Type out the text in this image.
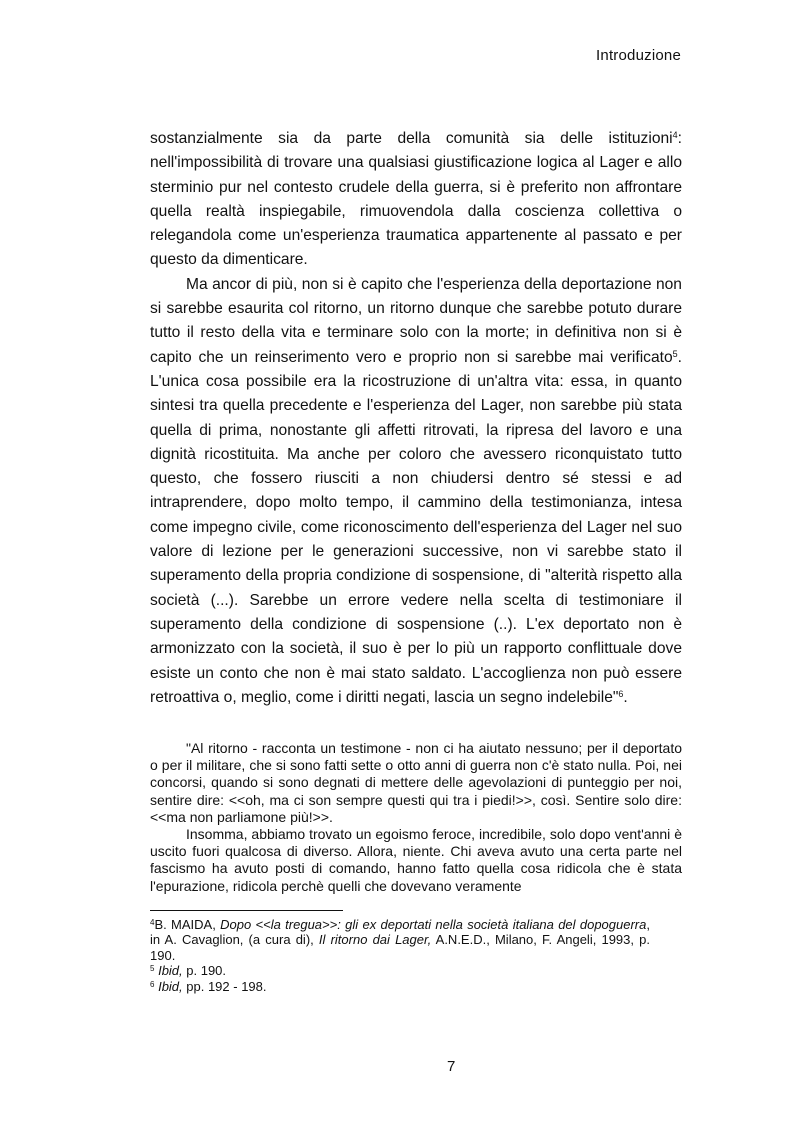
Introduzione

sostanzialmente sia da parte della comunità sia delle istituzioni$^4$: nell'impossibilità di trovare una qualsiasi giustificazione logica al Lager e allo sterminio pur nel contesto crudele della guerra, si è preferito non affrontare quella realtà inspiegabile, rimuovendola dalla coscienza collettiva o relegandola come un'esperienza traumatica appartenente al passato e per questo da dimenticare.

Ma ancor di più, non si è capito che l'esperienza della deportazione non si sarebbe esaurita col ritorno, un ritorno dunque che sarebbe potuto durare tutto il resto della vita e terminare solo con la morte; in definitiva non si è capito che un reinserimento vero e proprio non si sarebbe mai verificato$^5$. L'unica cosa possibile era la ricostruzione di un'altra vita: essa, in quanto sintesi tra quella precedente e l'esperienza del Lager, non sarebbe più stata quella di prima, nonostante gli affetti ritrovati, la ripresa del lavoro e una dignità ricostituita. Ma anche per coloro che avessero riconquistato tutto questo, che fossero riusciti a non chiudersi dentro sé stessi e ad intraprendere, dopo molto tempo, il cammino della testimonianza, intesa come impegno civile, come riconoscimento dell'esperienza del Lager nel suo valore di lezione per le generazioni successive, non vi sarebbe stato il superamento della propria condizione di sospensione, di "alterità rispetto alla società (...). Sarebbe un errore vedere nella scelta di testimoniare il superamento della condizione di sospensione (..). L'ex deportato non è armonizzato con la società, il suo è per lo più un rapporto conflittuale dove esiste un conto che non è mai stato saldato. L'accoglienza non può essere retroattiva o, meglio, come i diritti negati, lascia un segno indelebile"$^6$.

"Al ritorno - racconta un testimone - non ci ha aiutato nessuno; per il deportato o per il militare, che si sono fatti sette o otto anni di guerra non c'è stato nulla. Poi, nei concorsi, quando si sono degnati di mettere delle agevolazioni di punteggio per noi, sentire dire: <<oh, ma ci son sempre questi qui tra i piedi!>>, così. Sentire solo dire:<<ma non parliamone più!>>.

Insomma, abbiamo trovato un egoismo feroce, incredibile, solo dopo vent'anni è uscito fuori qualcosa di diverso. Allora, niente. Chi aveva avuto una certa parte nel fascismo ha avuto posti di comando, hanno fatto quella cosa ridicola che è stata l'epurazione, ridicola perchè quelli che dovevano veramente

$^4$B. MAIDA, Dopo <<la tregua>>: gli ex deportati nella società italiana del dopoguerra, in A. Cavaglion, (a cura di), Il ritorno dai Lager, A.N.E.D., Milano, F. Angeli, 1993, p. 190.

$^5$ Ibid, p. 190.

$^6$ Ibid, pp. 192 - 198.

7
